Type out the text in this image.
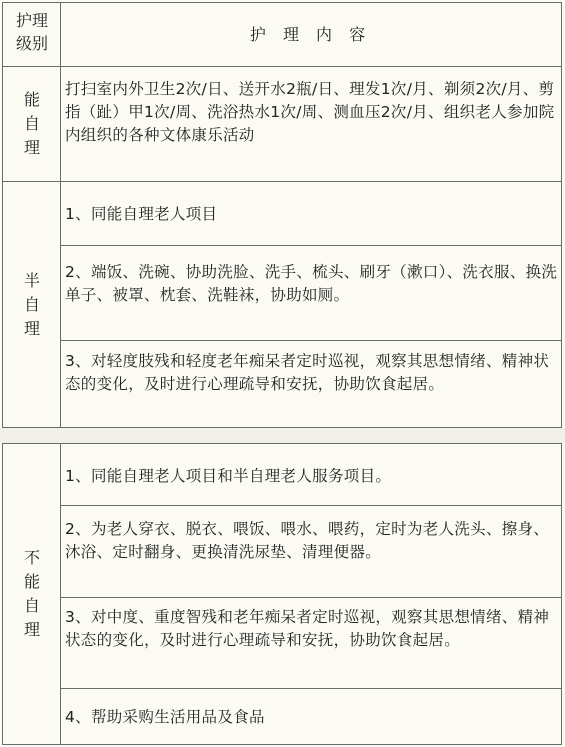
护理
级别	护 理 内 容
能
自
理
打扫室内外卫生2次/日、送开水2瓶/日、理发1次/月、剃须2次/月、剪指（趾）甲1次/周、洗浴热水1次/周、测血压2次/月、组织老人参加院内组织的各种文体康乐活动
半
自
理
1、同能自理老人项目
2、端饭、洗碗、协助洗脸、洗手、梳头、刷牙（漱口）、洗衣服、换洗单子、被罩、枕套、洗鞋袜，协助如厕。
3、对轻度肢残和轻度老年痴呆者定时巡视，观察其思想情绪、精神状态的变化，及时进行心理疏导和安抚，协助饮食起居。
不
能
自
理
1、同能自理老人项目和半自理老人服务项目。
2、为老人穿衣、脱衣、喂饭、喂水、喂药，定时为老人洗头、擦身、沐浴、定时翻身、更换清洗尿垫、清理便器。
3、对中度、重度智残和老年痴呆者定时巡视，观察其思想情绪、精神状态的变化，及时进行心理疏导和安抚，协助饮食起居。
4、帮助采购生活用品及食品
